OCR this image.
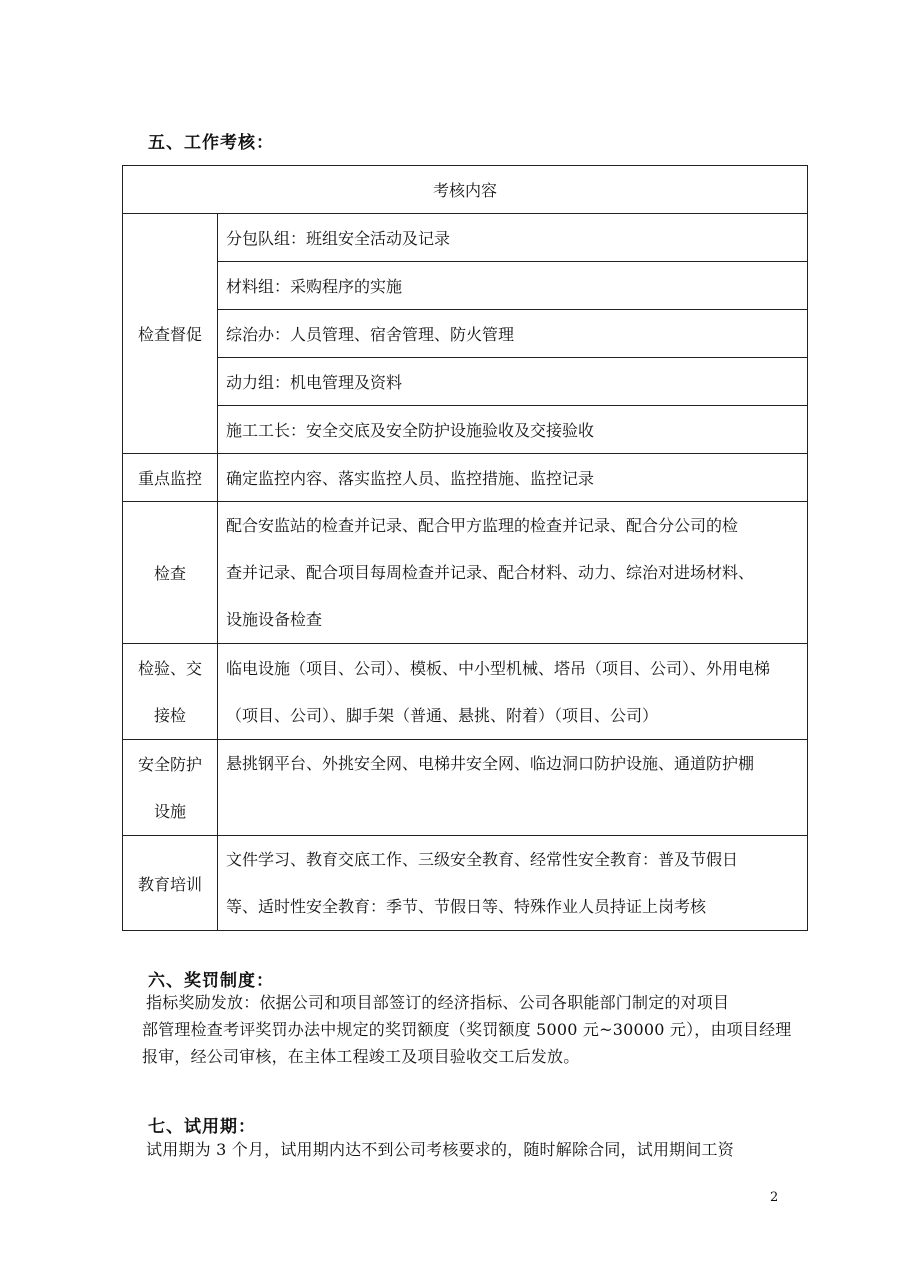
五、工作考核：
考核内容	
检查督促	分包队组：班组安全活动及记录
	材料组：采购程序的实施
	综治办：人员管理、宿舍管理、防火管理
	动力组：机电管理及资料
	施工工长：安全交底及安全防护设施验收及交接验收
重点监控	确定监控内容、落实监控人员、监控措施、监控记录
检查	配合安监站的检查并记录、配合甲方监理的检查并记录、配合分公司的检
查并记录、配合项目每周检查并记录、配合材料、动力、综治对进场材料、
设施设备检查

检验、交
接检	临电设施（项目、公司）、模板、中小型机械、塔吊（项目、公司）、外用电梯
（项目、公司）、脚手架（普通、悬挑、附着）（项目、公司）

安全防护
设施	悬挑钢平台、外挑安全网、电梯井安全网、临边洞口防护设施、通道防护棚

教育培训	文件学习、教育交底工作、三级安全教育、经常性安全教育：普及节假日
等、适时性安全教育：季节、节假日等、特殊作业人员持证上岗考核
六、奖罚制度：
指标奖励发放：依据公司和项目部签订的经济指标、公司各职能部门制定的对项目
部管理检查考评奖罚办法中规定的奖罚额度（奖罚额度 5000 元~30000 元），由项目经理
报审，经公司审核，在主体工程竣工及项目验收交工后发放。
七、试用期：
试用期为 3 个月，试用期内达不到公司考核要求的，随时解除合同，试用期间工资
2
